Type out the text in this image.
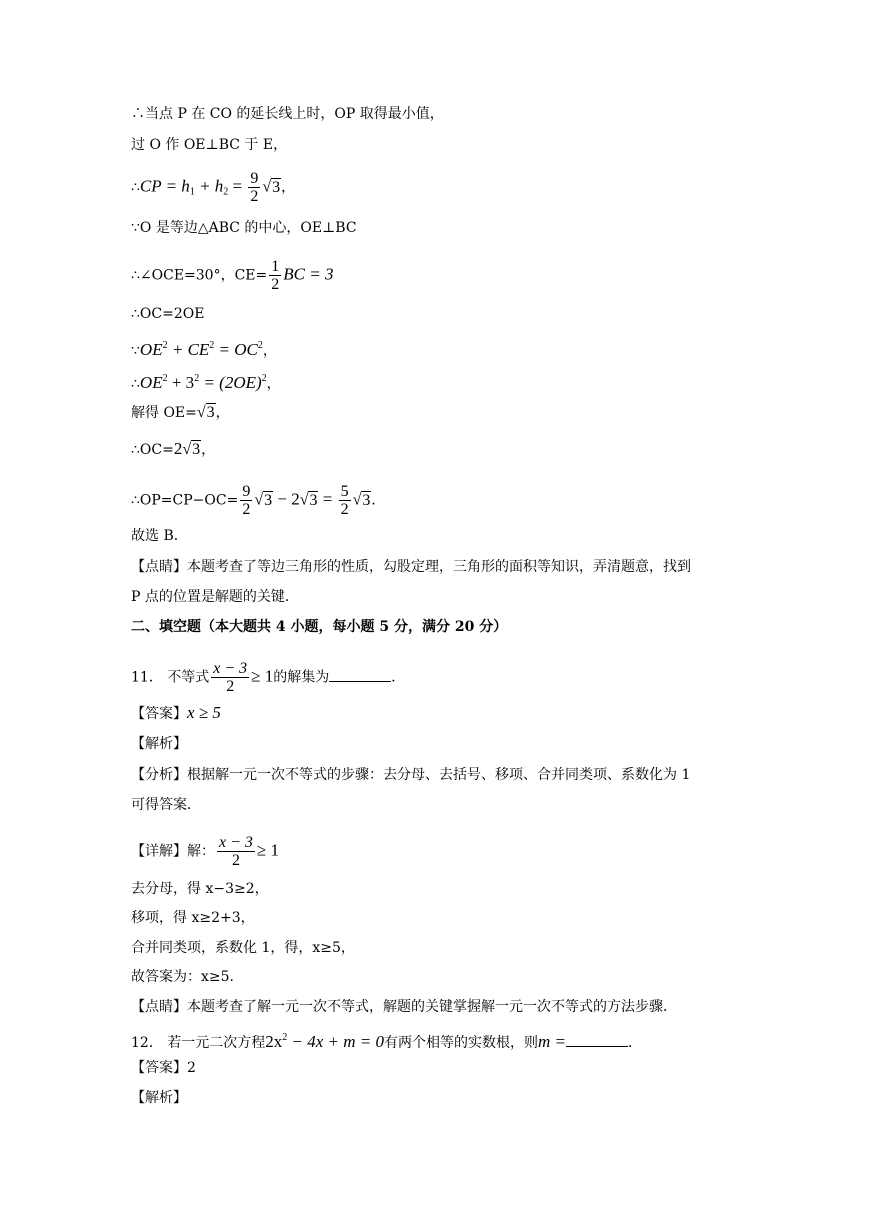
∴当点 P 在 CO 的延长线上时，OP 取得最小值，
过 O 作 OE⊥BC 于 E，
∴CP = $h_1 + h_2 = \frac{9}{2} √3$，
∵O 是等边△ABC 的中心，OE⊥BC
∴∠OCE=30°，$CE= \frac{1}{2}$ BC = 3
∴OC=2OE
$\because OE^2 + CE^2 = OC^2$，
$\therefore OE^2 + 3^2 = (2OE)^2$，
解得 OE=√3，
∴OC=2√3，
∴OP=CP−OC= $\frac{9}{2} √3 - 2√3 = \frac{5}{2} √3$．
故选 B．
【点睛】本题考查了等边三角形的性质，勾股定理，三角形的面积等知识，弄清题意，找到
P 点的位置是解题的关键．
二、填空题（本大题共 4 小题，每小题 5 分，满分 20 分）
11． 不等式 $\frac{x - 3}{2} \ge 1$的解集为	．
【答案】x ≥ 5
【解析】
【分析】根据解一元一次不等式的步骤：去分母、去括号、移项、合并同类项、系数化为 1
可得答案．
【详解】解： $\frac{x - 3}{2} \ge 1$
去分母，得 x−3≥2，
移项，得 x≥2+3，
合并同类项，系数化 1，得，x≥5，
故答案为：x≥5．
【点睛】本题考查了解一元一次不等式，解题的关键掌握解一元一次不等式的方法步骤．
12． 若一元二次方程$2x^2 - 4x + m = 0$有两个相等的实数根，则m =	．
【答案】2
【解析】
